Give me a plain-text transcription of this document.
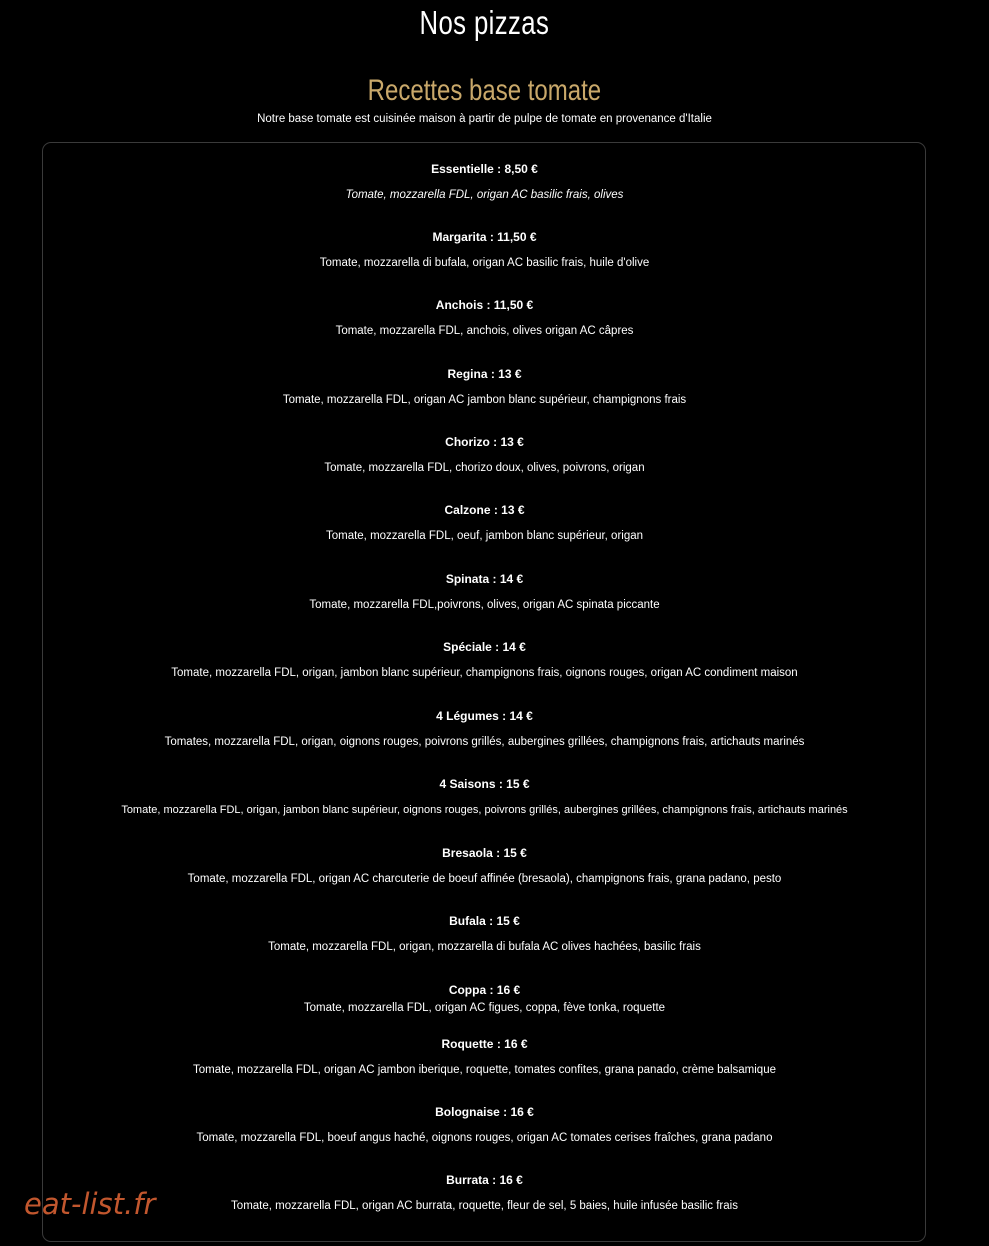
Nos pizzas
Recettes base tomate
Notre base tomate est cuisinée maison à partir de pulpe de tomate en provenance d'Italie
Essentielle : 8,50 €
Tomate, mozzarella FDL, origan AC basilic frais, olives
Margarita : 11,50 €
Tomate, mozzarella di bufala, origan AC basilic frais, huile d'olive
Anchois : 11,50 €
Tomate, mozzarella FDL, anchois, olives origan AC câpres
Regina : 13 €
Tomate, mozzarella FDL, origan AC jambon blanc supérieur, champignons frais
Chorizo : 13 €
Tomate, mozzarella FDL, chorizo doux, olives, poivrons, origan
Calzone : 13 €
Tomate, mozzarella FDL, oeuf, jambon blanc supérieur, origan
Spinata : 14 €
Tomate, mozzarella FDL,poivrons, olives, origan AC spinata piccante
Spéciale : 14 €
Tomate, mozzarella FDL, origan, jambon blanc supérieur, champignons frais, oignons rouges, origan AC condiment maison
4 Légumes : 14 €
Tomates, mozzarella FDL, origan, oignons rouges, poivrons grillés, aubergines grillées, champignons frais, artichauts marinés
4 Saisons : 15 €
Tomate, mozzarella FDL, origan, jambon blanc supérieur, oignons rouges, poivrons grillés, aubergines grillées, champignons frais, artichauts marinés
Bresaola : 15 €
Tomate, mozzarella FDL, origan AC charcuterie de boeuf affinée (bresaola), champignons frais, grana padano, pesto
Bufala : 15 €
Tomate, mozzarella FDL, origan, mozzarella di bufala AC olives hachées, basilic frais
Coppa : 16 €
Tomate, mozzarella FDL, origan AC figues, coppa, fève tonka, roquette
Roquette : 16 €
Tomate, mozzarella FDL, origan AC jambon iberique, roquette, tomates confites, grana panado, crème balsamique
Bolognaise : 16 €
Tomate, mozzarella FDL, boeuf angus haché, oignons rouges, origan AC tomates cerises fraîches, grana padano
Burrata : 16 €
Tomate, mozzarella FDL, origan AC burrata, roquette, fleur de sel, 5 baies, huile infusée basilic frais
eat-list.fr
